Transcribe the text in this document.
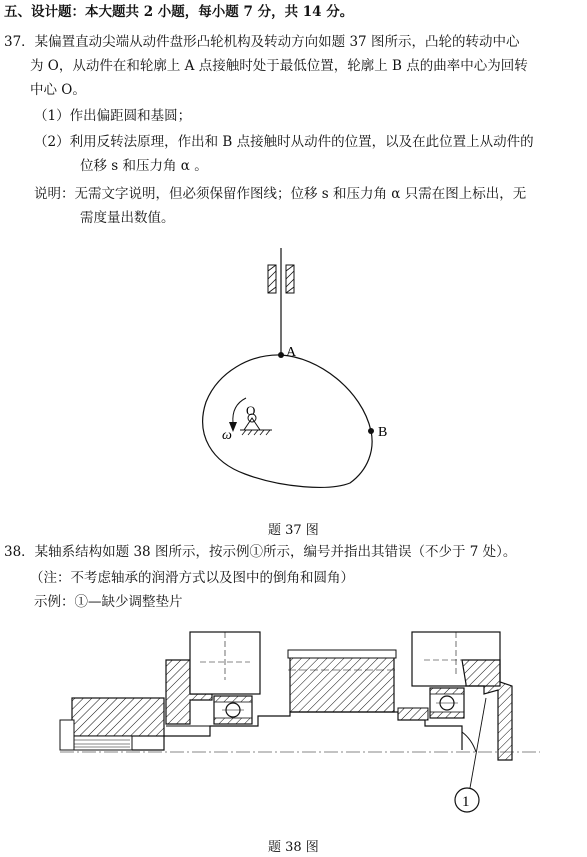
五、设计题：本大题共 2 小题，每小题 7 分，共 14 分。
37．某偏置直动尖端从动件盘形凸轮机构及转动方向如题 37 图所示，凸轮的转动中心
为 O，从动件在和轮廓上 A 点接触时处于最低位置，轮廓上 B 点的曲率中心为回转
中心 O。
（1）作出偏距圆和基圆；
（2）利用反转法原理，作出和 B 点接触时从动件的位置，以及在此位置上从动件的
位移 s 和压力角 α 。
说明：无需文字说明，但必须保留作图线；位移 s 和压力角 α 只需在图上标出，无
需度量出数值。
A
B
O
ω
题 37 图
38．某轴系结构如题 38 图所示，按示例①所示，编号并指出其错误（不少于 7 处）。
（注：不考虑轴承的润滑方式以及图中的倒角和圆角）
示例：①—缺少调整垫片
1
题 38 图
